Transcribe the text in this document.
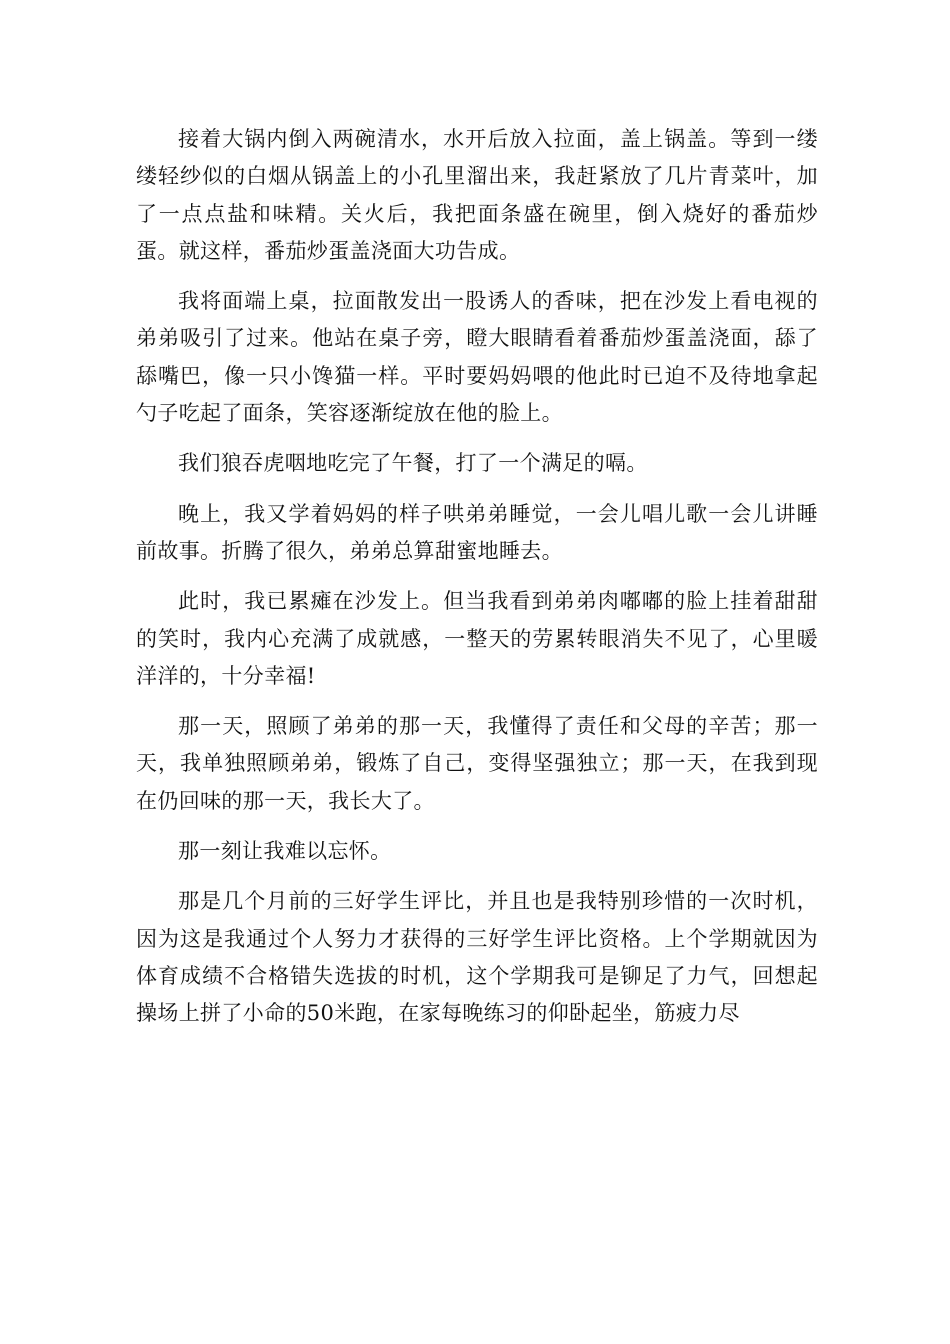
接着大锅内倒入两碗清水，水开后放入拉面，盖上锅盖。等到一缕缕轻纱似的白烟从锅盖上的小孔里溜出来，我赶紧放了几片青菜叶，加了一点点盐和味精。关火后，我把面条盛在碗里，倒入烧好的番茄炒蛋。就这样，番茄炒蛋盖浇面大功告成。

我将面端上桌，拉面散发出一股诱人的香味，把在沙发上看电视的弟弟吸引了过来。他站在桌子旁，瞪大眼睛看着番茄炒蛋盖浇面，舔了舔嘴巴，像一只小馋猫一样。平时要妈妈喂的他此时已迫不及待地拿起勺子吃起了面条，笑容逐渐绽放在他的脸上。

我们狼吞虎咽地吃完了午餐，打了一个满足的嗝。

晚上，我又学着妈妈的样子哄弟弟睡觉，一会儿唱儿歌一会儿讲睡前故事。折腾了很久，弟弟总算甜蜜地睡去。

此时，我已累瘫在沙发上。但当我看到弟弟肉嘟嘟的脸上挂着甜甜的笑时，我内心充满了成就感，一整天的劳累转眼消失不见了，心里暖洋洋的，十分幸福!

那一天，照顾了弟弟的那一天，我懂得了责任和父母的辛苦；那一天，我单独照顾弟弟，锻炼了自己，变得坚强独立；那一天，在我到现在仍回味的那一天，我长大了。

那一刻让我难以忘怀。

那是几个月前的三好学生评比，并且也是我特别珍惜的一次时机，因为这是我通过个人努力才获得的三好学生评比资格。上个学期就因为体育成绩不合格错失选拔的时机，这个学期我可是铆足了力气，回想起操场上拼了小命的50米跑，在家每晚练习的仰卧起坐，筋疲力尽
